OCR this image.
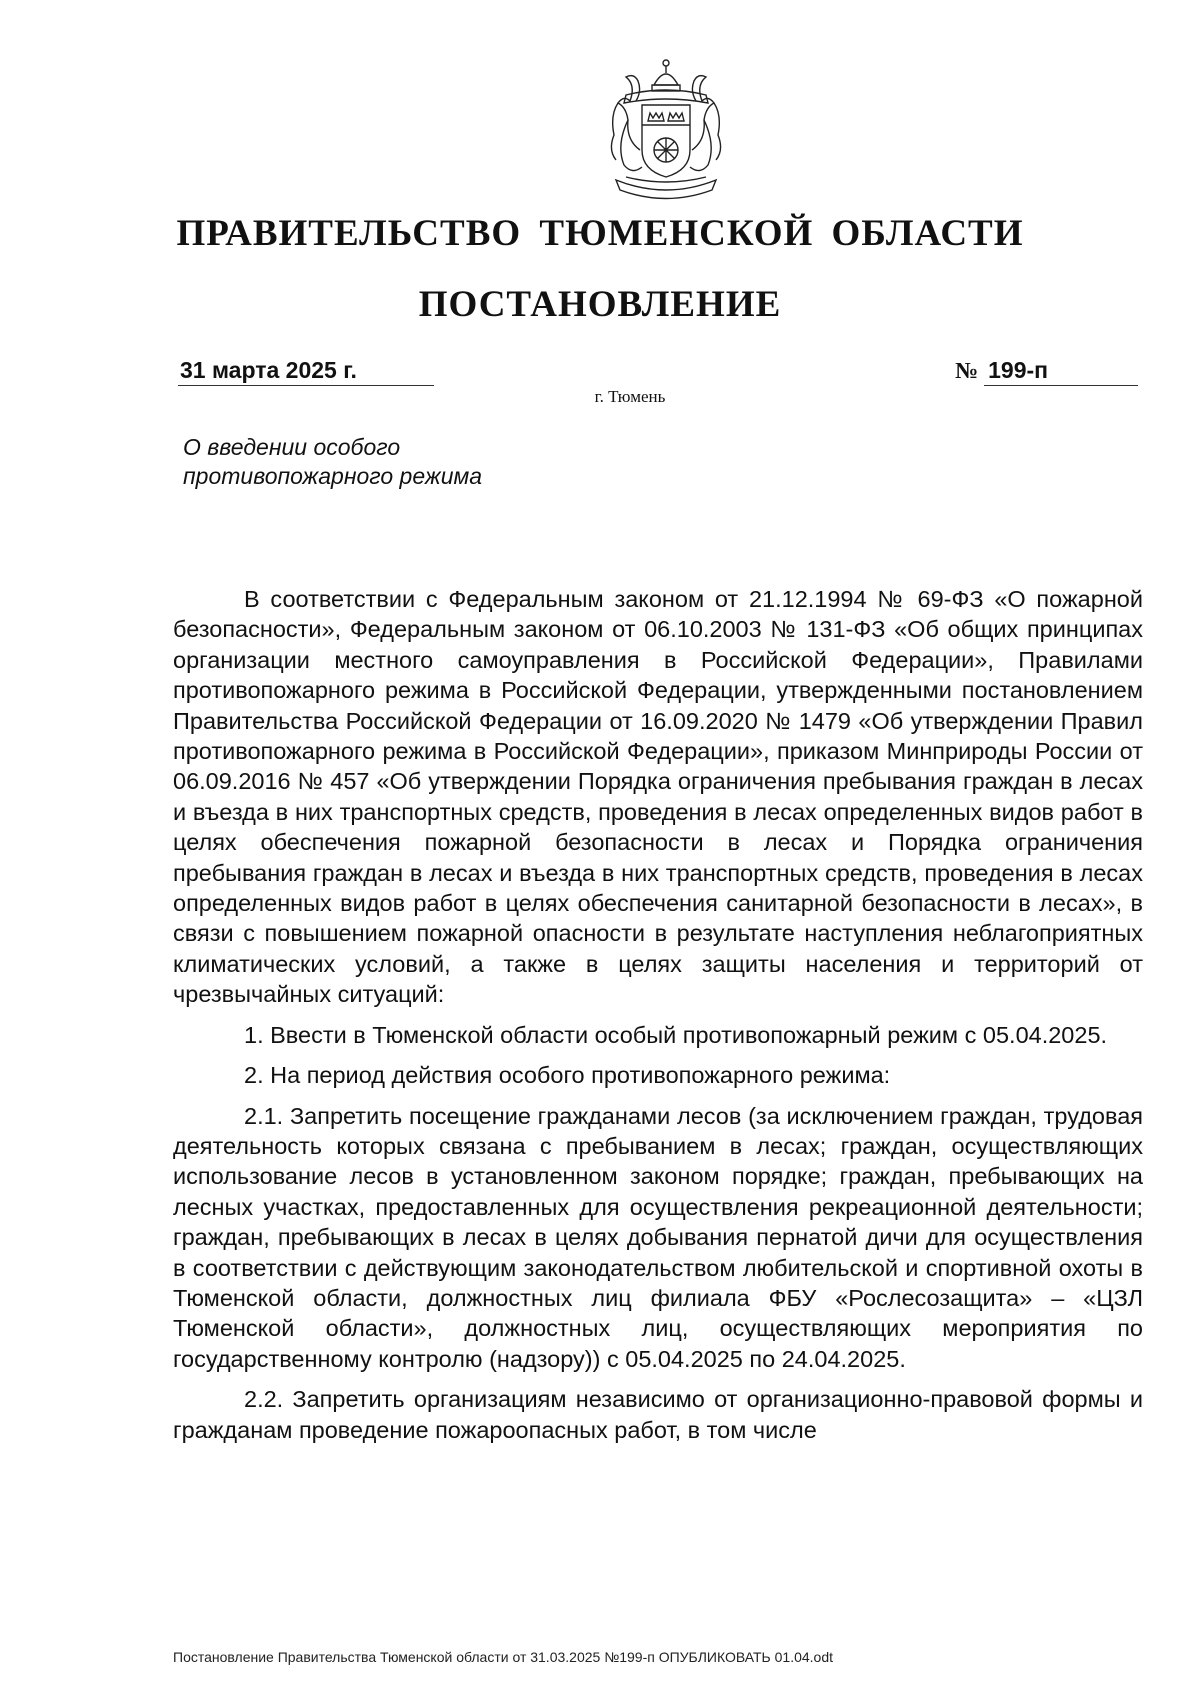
ПРАВИТЕЛЬСТВО ТЮМЕНСКОЙ ОБЛАСТИ
ПОСТАНОВЛЕНИЕ
31 марта 2025 г.	№ 199-п
г. Тюмень
О введении особого
противопожарного режима

В соответствии с Федеральным законом от 21.12.1994 № 69-ФЗ «О пожарной безопасности», Федеральным законом от 06.10.2003 № 131-ФЗ «Об общих принципах организации местного самоуправления в Российской Федерации», Правилами противопожарного режима в Российской Федерации, утвержденными постановлением Правительства Российской Федерации от 16.09.2020 № 1479 «Об утверждении Правил противопожарного режима в Российской Федерации», приказом Минприроды России от 06.09.2016 № 457 «Об утверждении Порядка ограничения пребывания граждан в лесах и въезда в них транспортных средств, проведения в лесах определенных видов работ в целях обеспечения пожарной безопасности в лесах и Порядка ограничения пребывания граждан в лесах и въезда в них транспортных средств, проведения в лесах определенных видов работ в целях обеспечения санитарной безопасности в лесах», в связи с повышением пожарной опасности в результате наступления неблагоприятных климатических условий, а также в целях защиты населения и территорий от чрезвычайных ситуаций:

1. Ввести в Тюменской области особый противопожарный режим с 05.04.2025.

2. На период действия особого противопожарного режима:

2.1. Запретить посещение гражданами лесов (за исключением граждан, трудовая деятельность которых связана с пребыванием в лесах; граждан, осуществляющих использование лесов в установленном законом порядке; граждан, пребывающих на лесных участках, предоставленных для осуществления рекреационной деятельности; граждан, пребывающих в лесах в целях добывания пернатой дичи для осуществления в соответствии с действующим законодательством любительской и спортивной охоты в Тюменской области, должностных лиц филиала ФБУ «Рослесозащита» – «ЦЗЛ Тюменской области», должностных лиц, осуществляющих мероприятия по государственному контролю (надзору)) с 05.04.2025 по 24.04.2025.

2.2. Запретить организациям независимо от организационно-правовой формы и гражданам проведение пожароопасных работ, в том числе

Постановление Правительства Тюменской области от 31.03.2025 №199-п ОПУБЛИКОВАТЬ 01.04.odt
